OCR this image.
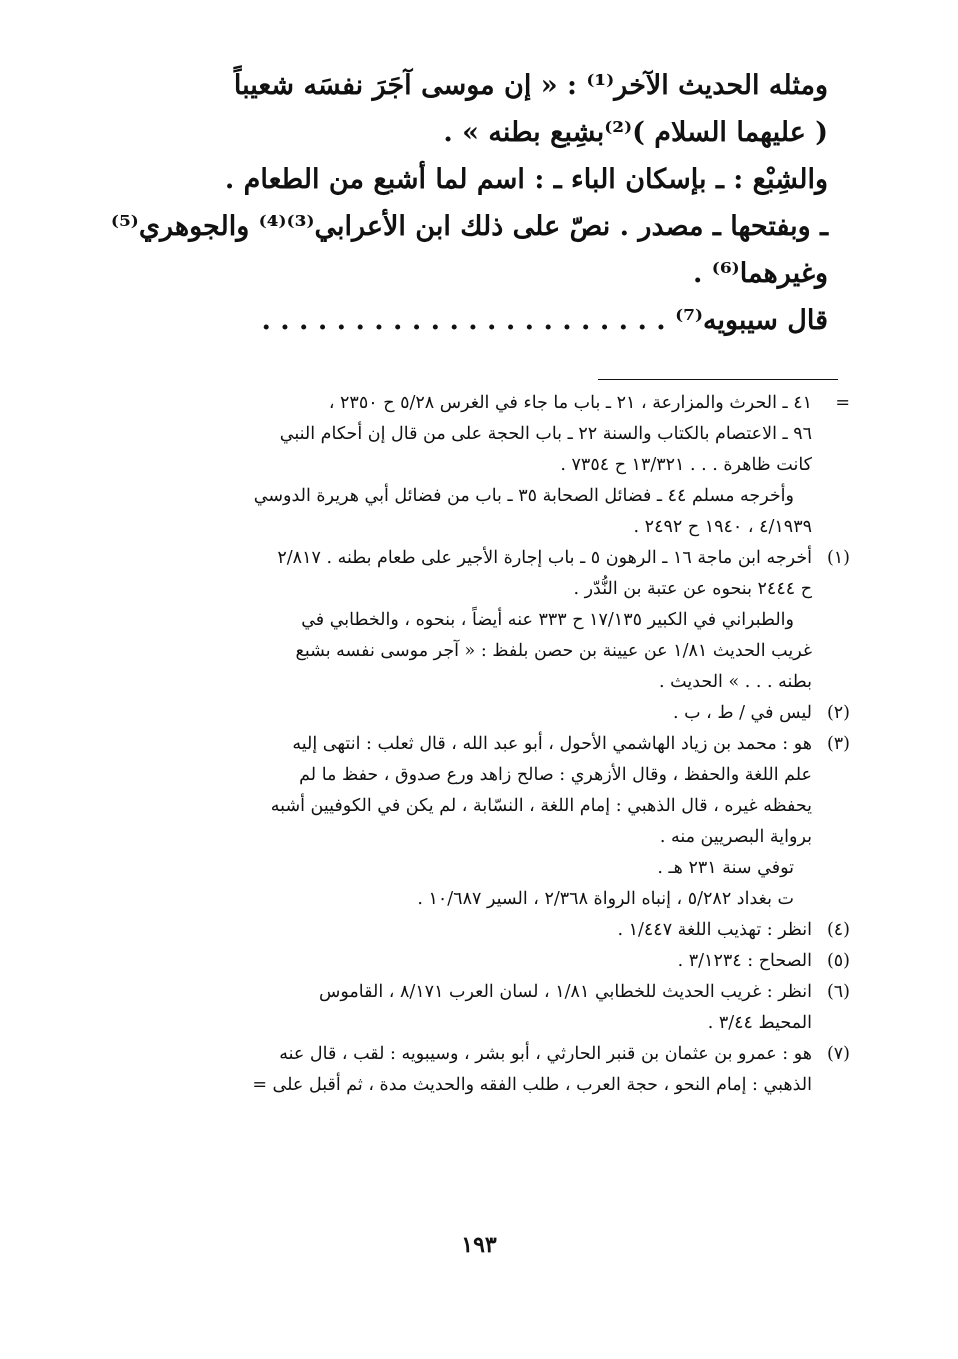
ومثله الحديث الآخر⁽¹⁾ : « إن موسى آجَرَ نفسَه شعيباً
( عليهما السلام )⁽²⁾بشِبع بطنه » .
والشِبْع : ـ بإسكان الباء ـ : اسم لما أشبع من الطعام .
ـ وبفتحها ـ مصدر . نصّ على ذلك ابن الأعرابي⁽³⁾⁽⁴⁾ والجوهري⁽⁵⁾
وغيرهما⁽⁶⁾ .
قال سيبويه⁽⁷⁾ . . . . . . . . . . . . . . . . . . . . . .
=
٤١ ـ الحرث والمزارعة ، ٢١ ـ باب ما جاء في الغرس ٥/٢٨ ح ٢٣٥٠ ،
٩٦ ـ الاعتصام بالكتاب والسنة ٢٢ ـ باب الحجة على من قال إن أحكام النبي
كانت ظاهرة . . . ١٣/٣٢١ ح ٧٣٥٤ .
وأخرجه مسلم ٤٤ ـ فضائل الصحابة ٣٥ ـ باب من فضائل أبي هريرة الدوسي
٤/١٩٣٩ ، ١٩٤٠ ح ٢٤٩٢ .
(١)
أخرجه ابن ماجة ١٦ ـ الرهون ٥ ـ باب إجارة الأجير على طعام بطنه . ٢/٨١٧
ح ٢٤٤٤ بنحوه عن عتبة بن النُّدّر .
والطبراني في الكبير ١٧/١٣٥ ح ٣٣٣ عنه أيضاً ، بنحوه ، والخطابي في
غريب الحديث ١/٨١ عن عيينة بن حصن بلفظ : « آجر موسى نفسه بشبع
بطنه . . . » الحديث .
(٢)
ليس في / ط ، ب .
(٣)
هو : محمد بن زياد الهاشمي الأحول ، أبو عبد الله ، قال ثعلب : انتهى إليه
علم اللغة والحفظ ، وقال الأزهري : صالح زاهد ورع صدوق ، حفظ ما لم
يحفظه غيره ، قال الذهبي : إمام اللغة ، النسّابة ، لم يكن في الكوفيين أشبه
برواية البصريين منه .
توفي سنة ٢٣١ هـ .
ت بغداد ٥/٢٨٢ ، إنباه الرواة ٢/٣٦٨ ، السير ١٠/٦٨٧ .
(٤)
انظر : تهذيب اللغة ١/٤٤٧ .
(٥)
الصحاح : ٣/١٢٣٤ .
(٦)
انظر : غريب الحديث للخطابي ١/٨١ ، لسان العرب ٨/١٧١ ، القاموس
المحيط ٣/٤٤ .
(٧)
هو : عمرو بن عثمان بن قنبر الحارثي ، أبو بشر ، وسيبويه : لقب ، قال عنه
الذهبي : إمام النحو ، حجة العرب ، طلب الفقه والحديث مدة ، ثم أقبل على =
١٩٣
